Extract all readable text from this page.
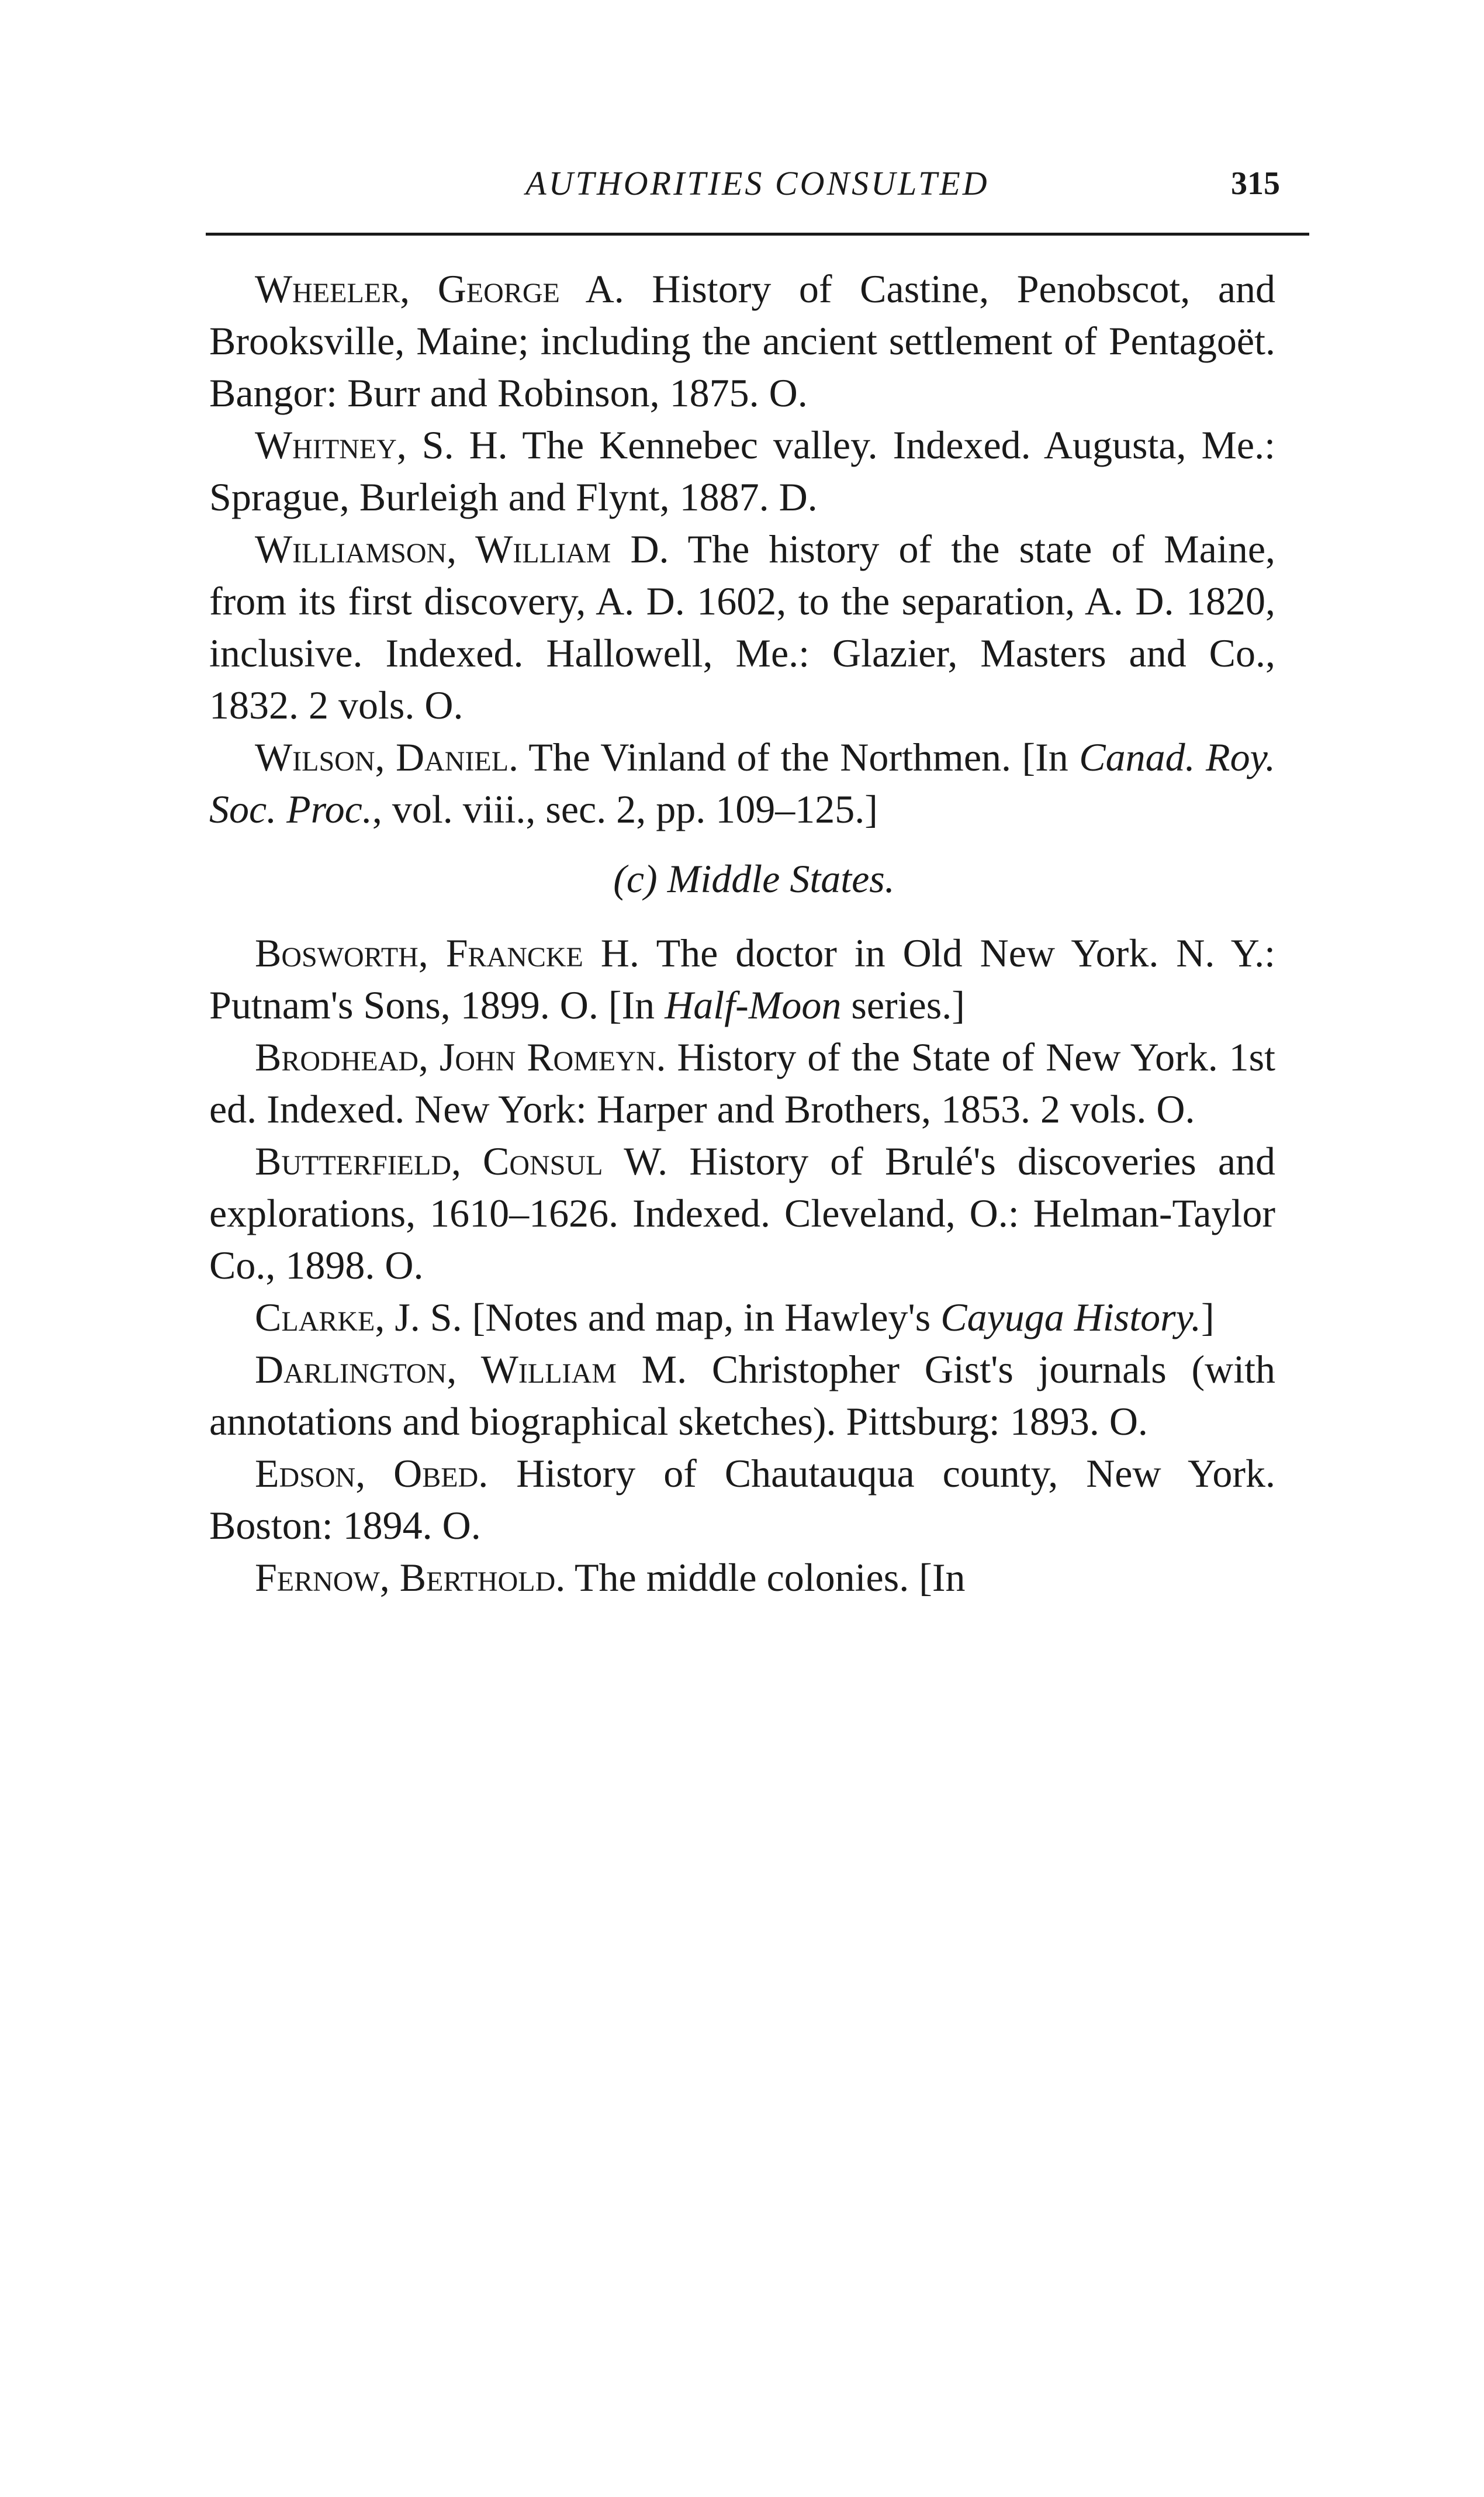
AUTHORITIES CONSULTED	315

Wheeler, George A. History of Castine, Penobscot, and Brooksville, Maine; including the ancient settlement of Pentagoët. Bangor: Burr and Robinson, 1875. O.

Whitney, S. H. The Kennebec valley. Indexed. Augusta, Me.: Sprague, Burleigh and Flynt, 1887. D.

Williamson, William D. The history of the state of Maine, from its first discovery, A. D. 1602, to the separation, A. D. 1820, inclusive. Indexed. Hallowell, Me.: Glazier, Masters and Co., 1832. 2 vols. O.

Wilson, Daniel. The Vinland of the Northmen. [In Canad. Roy. Soc. Proc., vol. viii., sec. 2, pp. 109–125.]

(c) Middle States.

Bosworth, Francke H. The doctor in Old New York. N. Y.: Putnam's Sons, 1899. O. [In Half-Moon series.]

Brodhead, John Romeyn. History of the State of New York. 1st ed. Indexed. New York: Harper and Brothers, 1853. 2 vols. O.

Butterfield, Consul W. History of Brulé's discoveries and explorations, 1610–1626. Indexed. Cleveland, O.: Helman-Taylor Co., 1898. O.

Clarke, J. S. [Notes and map, in Hawley's Cayuga History.]

Darlington, William M. Christopher Gist's journals (with annotations and biographical sketches). Pittsburg: 1893. O.

Edson, Obed. History of Chautauqua county, New York. Boston: 1894. O.

Fernow, Berthold. The middle colonies. [In
